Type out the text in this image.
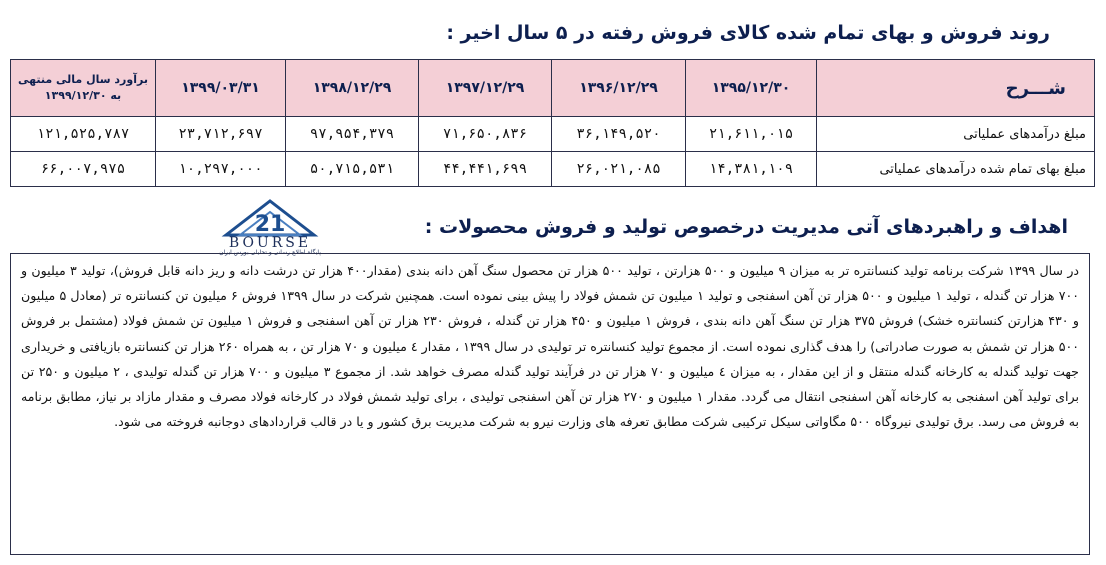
روند فروش و بهای تمام شده کالای فروش رفته در ۵ سال اخیر :
شـــرح	۱۳۹۵/۱۲/۳۰	۱۳۹۶/۱۲/۲۹	۱۳۹۷/۱۲/۲۹	۱۳۹۸/۱۲/۲۹	۱۳۹۹/۰۳/۳۱	برآورد سال مالی منتهی به ۱۳۹۹/۱۲/۳۰
مبلغ درآمدهای عملیاتی	۲۱,۶۱۱,۰۱۵	۳۶,۱۴۹,۵۲۰	۷۱,۶۵۰,۸۳۶	۹۷,۹۵۴,۳۷۹	۲۳,۷۱۲,۶۹۷	۱۲۱,۵۲۵,۷۸۷
مبلغ بهای تمام شده درآمدهای عملیاتی	۱۴,۳۸۱,۱۰۹	۲۶,۰۲۱,۰۸۵	۴۴,۴۴۱,۶۹۹	۵۰,۷۱۵,۵۳۱	۱۰,۲۹۷,۰۰۰	۶۶,۰۰۷,۹۷۵
21
BOURSE
پایگاه اطلاع رسانی و تحلیلی بورس ایران
اهداف و راهبردهای آتی مدیریت درخصوص تولید و فروش محصولات :
در سال ۱۳۹۹ شرکت برنامه تولید کنسانتره تر به میزان ۹ میلیون و ۵۰۰ هزارتن ، تولید ۵۰۰ هزار تن محصول سنگ آهن دانه بندی (مقدار۴۰۰ هزار تن درشت دانه و ریز دانه قابل فروش)، تولید ۳ میلیون و ۷۰۰ هزار تن گندله ، تولید ۱ میلیون و ۵۰۰ هزار تن آهن اسفنجی و تولید ۱ میلیون تن شمش فولاد را پیش بینی نموده است. همچنین شرکت در سال ۱۳۹۹ فروش ۶ میلیون تن کنسانتره تر (معادل ۵ میلیون و ۴۳۰ هزارتن کنسانتره خشک) فروش ۳۷۵ هزار تن سنگ آهن دانه بندی ، فروش ۱ میلیون و ۴۵۰ هزار تن گندله ، فروش ۲۳۰ هزار تن آهن اسفنجی و فروش ۱ میلیون تن شمش فولاد (مشتمل بر فروش ۵۰۰ هزار تن شمش به صورت صادراتی) را هدف گذاری نموده است. از مجموع تولید کنسانتره تر تولیدی در سال ۱۳۹۹ ، مقدار ٤ میلیون و ۷۰ هزار تن ، به همراه ۲۶۰ هزار تن کنسانتره بازیافتی و خریداری جهت تولید گندله به کارخانه گندله منتقل و از این مقدار ، به میزان ٤ میلیون و ۷۰ هزار تن در فرآیند تولید گندله مصرف خواهد شد. از مجموع ۳ میلیون و ۷۰۰ هزار تن گندله تولیدی ، ۲ میلیون و ۲۵۰ تن برای تولید آهن اسفنجی به کارخانه آهن اسفنجی انتقال می گردد. مقدار ۱ میلیون و ۲۷۰ هزار تن آهن اسفنجی تولیدی ، برای تولید شمش فولاد در کارخانه فولاد مصرف و مقدار مازاد بر نیاز، مطابق برنامه به فروش می رسد. برق تولیدی نیروگاه ۵۰۰ مگاواتی سیکل ترکیبی شرکت مطابق تعرفه های وزارت نیرو به شرکت مدیریت برق کشور و یا در قالب قراردادهای دوجانبه فروخته می شود.
